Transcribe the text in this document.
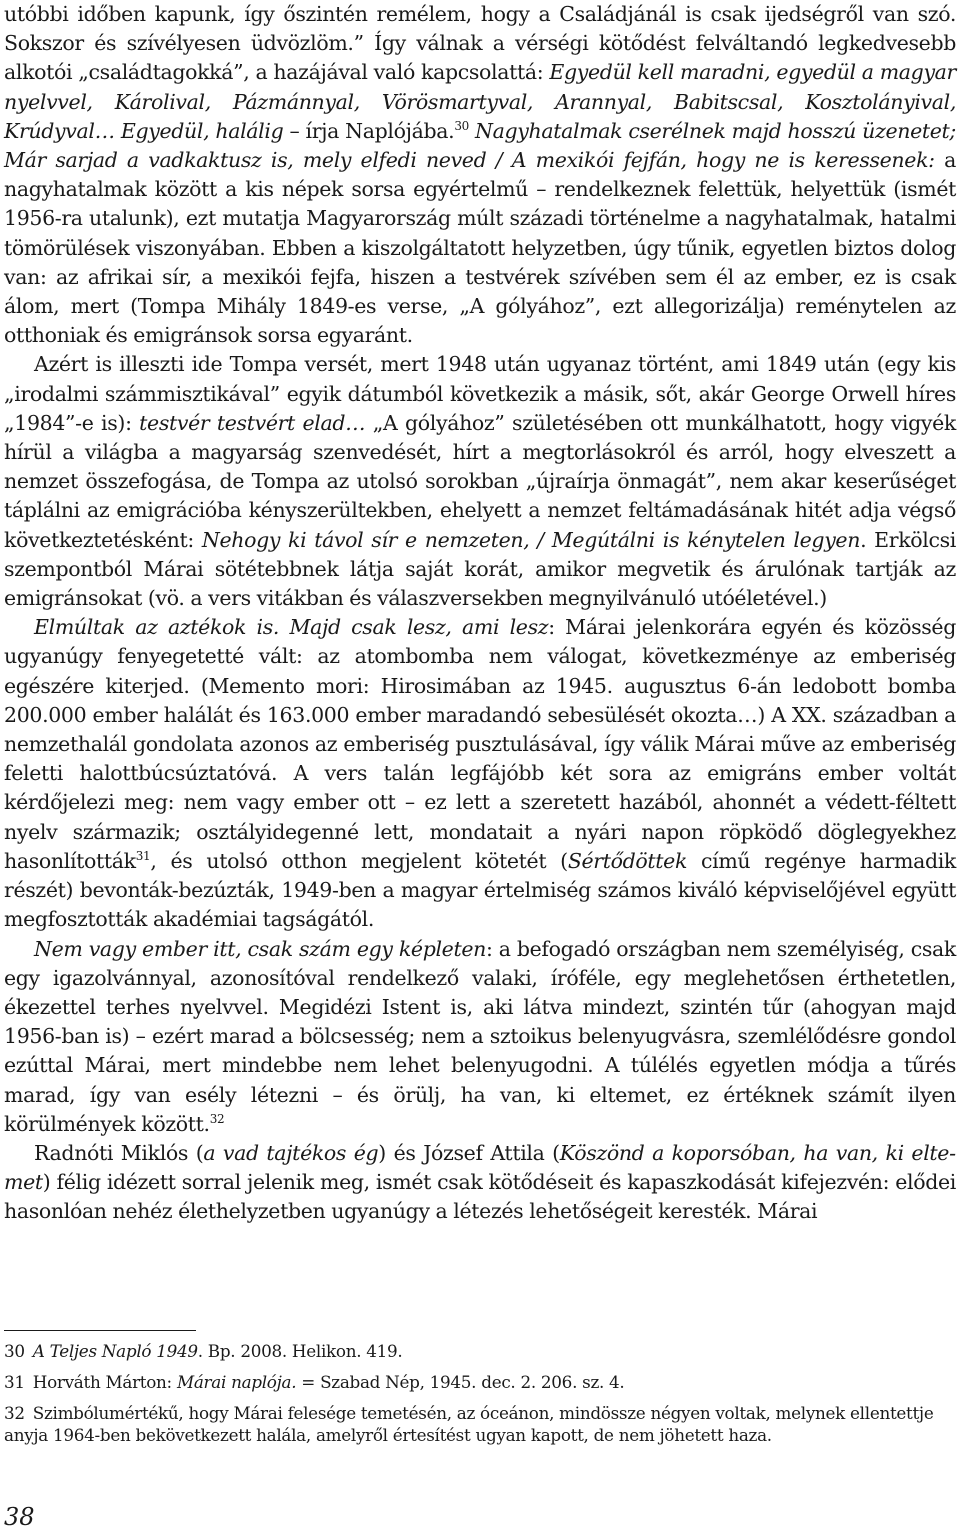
utóbbi időben kapunk, így őszintén remélem, hogy a Családjánál is csak ijedségről van szó. Sokszor és szívélyesen üdvözlöm.” Így válnak a vérségi kötődést felváltandó legkedvesebb alkotói „családtagokká”, a hazájával való kapcsolattá: Egyedül kell maradni, egyedül a magyar nyelvvel, Károlival, Pázmánnyal, Vörösmartyval, Arannyal, Babitscsal, Kosztolányival, Krúdyval… Egyedül, halálig – írja Naplójába.$^{30}$ Nagyhatalmak cserélnek majd hosszú üzenetet; Már sarjad a vadkaktusz is, mely elfedi neved / A mexikói fejfán, hogy ne is keressenek: a nagyhatalmak között a kis népek sorsa egyértelmű – rendelkeznek felettük, helyettük (ismét 1956-ra utalunk), ezt mutatja Magyarország múlt századi történelme a nagyhatalmak, hatalmi tömörülések viszonyában. Ebben a kiszolgáltatott helyzetben, úgy tűnik, egyetlen biztos dolog van: az afrikai sír, a mexikói fejfa, hiszen a testvérek szívében sem él az ember, ez is csak álom, mert (Tompa Mihály 1849-es verse, „A gólyához”, ezt allegorizálja) reménytelen az otthoniak és emigránsok sorsa egyaránt.

Azért is illeszti ide Tompa versét, mert 1948 után ugyanaz történt, ami 1849 után (egy kis „irodalmi számmisztikával” egyik dátumból következik a másik, sőt, akár George Orwell híres „1984”-e is): testvér testvért elad… „A gólyához” születésében ott munkálhatott, hogy vigyék hírül a világba a magyarság szenvedését, hírt a megtorlásokról és arról, hogy elveszett a nemzet összefogása, de Tompa az utolsó sorokban „újraírja önmagát”, nem akar keserűséget táplálni az emigrációba kényszerültekben, ehelyett a nemzet feltámadásának hitét adja végső következtetésként: Nehogy ki távol sír e nemzeten, / Megútálni is kénytelen legyen. Erkölcsi szempontból Márai sötétebbnek látja saját korát, amikor megvetik és árulónak tartják az emigránsokat (vö. a vers vitákban és válaszversekben megnyilvánuló utóéletével.)

Elmúltak az aztékok is. Majd csak lesz, ami lesz: Márai jelenkorára egyén és közösség ugyanúgy fenyegetetté vált: az atombomba nem válogat, következménye az emberiség egészére kiterjed. (Memento mori: Hirosimában az 1945. augusztus 6-án ledobott bomba 200.000 ember halálát és 163.000 ember maradandó sebesülését okozta…) A XX. században a nemzethalál gondolata azonos az emberiség pusztulásával, így válik Márai műve az emberiség feletti halottbúcsúztatóvá. A vers talán legfájóbb két sora az emigráns ember voltát kérdőjelezi meg: nem vagy ember ott – ez lett a szeretett hazából, ahonnét a védett-féltett nyelv származik; osztályidegenné lett, mondatait a nyári napon röpködő döglegyekhez hasonlították$^{31}$, és utolsó otthon megjelent kötetét (Sértődöttek című regénye harmadik részét) bevonták-bezúzták, 1949-ben a magyar értelmiség számos kiváló képviselőjével együtt megfosztották akadémiai tagságától.

Nem vagy ember itt, csak szám egy képleten: a befogadó országban nem személyiség, csak egy igazolvánnyal, azonosítóval rendelkező valaki, íróféle, egy meglehetősen érthetetlen, ékezettel terhes nyelvvel. Megidézi Istent is, aki látva mindezt, szintén tűr (ahogyan majd 1956-ban is) – ezért marad a bölcsesség; nem a sztoikus belenyugvásra, szemlélődésre gondol ezúttal Márai, mert mindebbe nem lehet belenyugodni. A túlélés egyetlen módja a tűrés marad, így van esély létezni – és örülj, ha van, ki eltemet, ez értéknek számít ilyen körülmények között.$^{32}$

Radnóti Miklós (a vad tajtékos ég) és József Attila (Köszönd a koporsóban, ha van, ki eltemet) félig idézett sorral jelenik meg, ismét csak kötődéseit és kapaszkodását kifejezvén: elődei hasonlóan nehéz élethelyzetben ugyanúgy a létezés lehetőségeit keresték. Márai

30 A Teljes Napló 1949. Bp. 2008. Helikon. 419.

31 Horváth Márton: Márai naplója. = Szabad Nép, 1945. dec. 2. 206. sz. 4.

32 Szimbólumértékű, hogy Márai felesége temetésén, az óceánon, mindössze négyen voltak, melynek ellentettje anyja 1964-ben bekövetkezett halála, amelyről értesítést ugyan kapott, de nem jöhetett haza.

38
